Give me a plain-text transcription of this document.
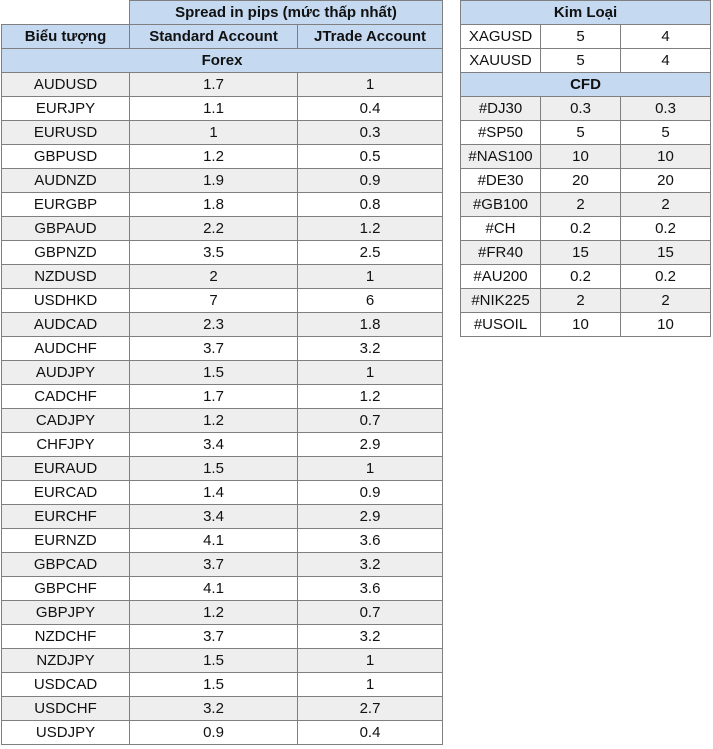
	Spread in pips (mức thấp nhất)	
Biểu tượng	Standard Account	JTrade Account
Forex		
AUDUSD	1.7	1
EURJPY	1.1	0.4
EURUSD	1	0.3
GBPUSD	1.2	0.5
AUDNZD	1.9	0.9
EURGBP	1.8	0.8
GBPAUD	2.2	1.2
GBPNZD	3.5	2.5
NZDUSD	2	1
USDHKD	7	6
AUDCAD	2.3	1.8
AUDCHF	3.7	3.2
AUDJPY	1.5	1
CADCHF	1.7	1.2
CADJPY	1.2	0.7
CHFJPY	3.4	2.9
EURAUD	1.5	1
EURCAD	1.4	0.9
EURCHF	3.4	2.9
EURNZD	4.1	3.6
GBPCAD	3.7	3.2
GBPCHF	4.1	3.6
GBPJPY	1.2	0.7
NZDCHF	3.7	3.2
NZDJPY	1.5	1
USDCAD	1.5	1
USDCHF	3.2	2.7
USDJPY	0.9	0.4
Kim Loại		
XAGUSD	5	4
XAUUSD	5	4
CFD		
#DJ30	0.3	0.3
#SP50	5	5
#NAS100	10	10
#DE30	20	20
#GB100	2	2
#CH	0.2	0.2
#FR40	15	15
#AU200	0.2	0.2
#NIK225	2	2
#USOIL	10	10
